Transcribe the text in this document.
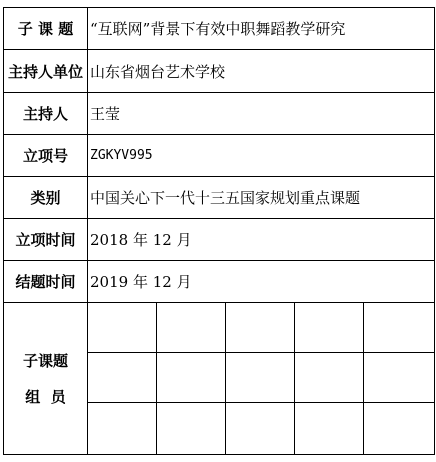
子 课 题	“互联网”背景下有效中职舞蹈教学研究				
主持人单位	山东省烟台艺术学校				
主持人	王莹				
立项号	ZGKYV995				
类别	中国关心下一代十三五国家规划重点课题				
立项时间	2018 年 12 月				
结题时间	2019 年 12 月				

子课题
组  员					
